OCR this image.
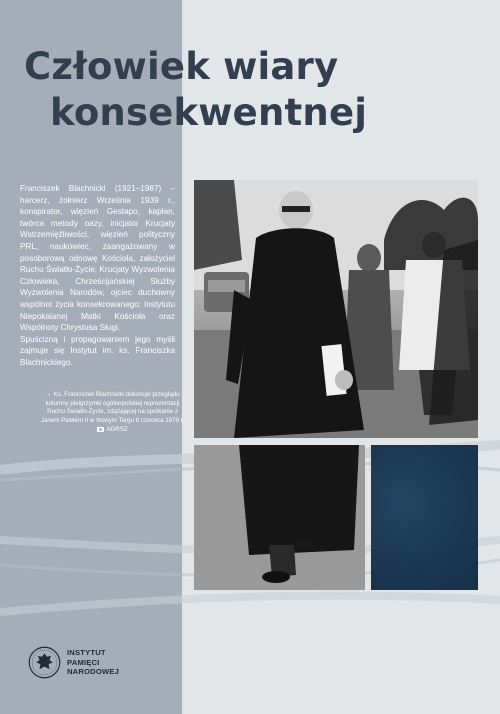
Człowiek wiary
konsekwentnej

Franciszek Blachnicki (1921–1987) – harcerz, żołnierz Września 1939 r., konspirator, więzień Gestapo, kapłan, twórca metody oazy, inicjator Krucjaty Wstrzemięźliwości, więzień polityczny PRL, naukowiec, zaangażowany w posoborową odnowę Kościoła, założyciel Ruchu Światło-Życie, Krucjaty Wyzwolenia Człowieka, Chrześcijańskiej Służby Wyzwolenia Narodów, ojciec duchowny wspólnot życia konsekrowanego: Instytutu Niepokalanej Matki Kościoła oraz Wspólnoty Chrystusa Sługi.

Spuścizną i propagowaniem jego myśli zajmuje się Instytut im. ks. Franciszka Blachnickiego.

→ Ks. Franciszek Blachnicki dokonuje przeglądu kolumny pielgrzymki ogólnopolskiej reprezentacji Ruchu Światło-Życie, zdążającej na spotkanie z Janem Pawłem II w Nowym Targu 8 czerwca 1979 r.
AGRSZ
INSTYTUT
PAMIĘCI
NARODOWEJ
